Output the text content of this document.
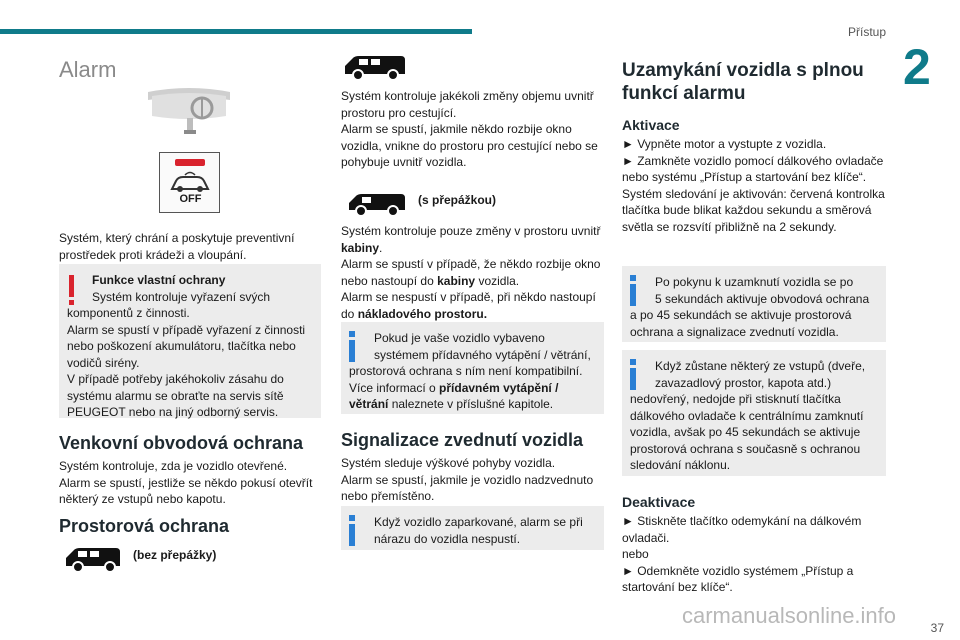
Přístup
2
Alarm
OFF

Systém, který chrání a poskytuje preventivní prostředek proti krádeži a vloupání.

Funkce vlastní ochrany

Systém kontroluje vyřazení svých

komponentů z činnosti.
Alarm se spustí v případě vyřazení z činnosti nebo poškození akumulátoru, tlačítka nebo vodičů sirény.
V případě potřeby jakéhokoliv zásahu do systému alarmu se obraťte na servis sítě PEUGEOT nebo na jiný odborný servis.

Venkovní obvodová ochrana

Systém kontroluje, zda je vozidlo otevřené.
Alarm se spustí, jestliže se někdo pokusí otevřít některý ze vstupů nebo kapotu.

Prostorová ochrana

(bez přepážky)

Systém kontroluje jakékoli změny objemu uvnitř prostoru pro cestující.
Alarm se spustí, jakmile někdo rozbije okno vozidla, vnikne do prostoru pro cestující nebo se pohybuje uvnitř vozidla.

(s přepážkou)

Systém kontroluje pouze změny v prostoru uvnitř kabiny.
Alarm se spustí v případě, že někdo rozbije okno nebo nastoupí do kabiny vozidla.
Alarm se nespustí v případě, při někdo nastoupí do nákladového prostoru.

Pokud je vaše vozidlo vybaveno

systémem přídavného vytápění / větrání,

prostorová ochrana s ním není kompatibilní. Více informací o přídavném vytápění / větrání naleznete v příslušné kapitole.

Signalizace zvednutí vozidla

Systém sleduje výškové pohyby vozidla.
Alarm se spustí, jakmile je vozidlo nadzvednuto nebo přemístěno.

Když vozidlo zaparkované, alarm se při

nárazu do vozidla nespustí.

Uzamykání vozidla s plnou funkcí alarmu
Aktivace

► Vypněte motor a vystupte z vozidla.
► Zamkněte vozidlo pomocí dálkového ovladače nebo systému „Přístup a startování bez klíče“.
Systém sledování je aktivován: červená kontrolka tlačítka bude blikat každou sekundu a směrová světla se rozsvítí přibližně na 2 sekundy.

Po pokynu k uzamknutí vozidla se po

5 sekundách aktivuje obvodová ochrana

a po 45 sekundách se aktivuje prostorová ochrana a signalizace zvednutí vozidla.

Když zůstane některý ze vstupů (dveře,

zavazadlový prostor, kapota atd.)

nedovřený, nedojde při stisknutí tlačítka dálkového ovladače k centrálnímu zamknutí vozidla, avšak po 45 sekundách se aktivuje prostorová ochrana s současně s ochranou sledování náklonu.

Deaktivace

► Stiskněte tlačítko odemykání na dálkovém ovladači.
nebo
► Odemkněte vozidlo systémem „Přístup a startování bez klíče“.

carmanualsonline.info	37
